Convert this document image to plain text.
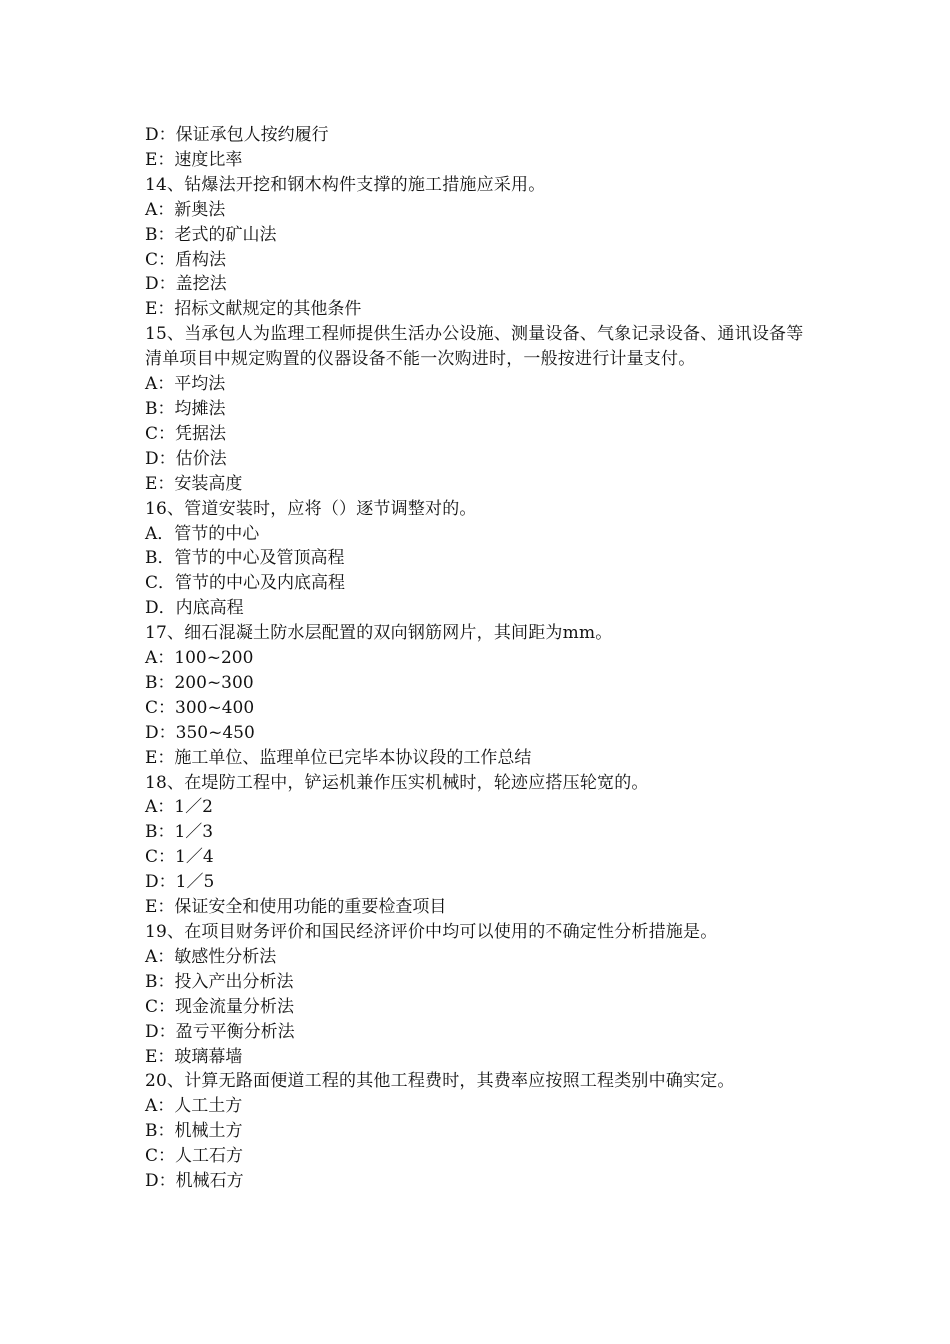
D：保证承包人按约履行

E：速度比率

14、钻爆法开挖和钢木构件支撑的施工措施应采用。

A：新奥法

B：老式的矿山法

C：盾构法

D：盖挖法

E：招标文献规定的其他条件

15、当承包人为监理工程师提供生活办公设施、测量设备、气象记录设备、通讯设备等清单项目中规定购置的仪器设备不能一次购进时，一般按进行计量支付。

A：平均法

B：均摊法

C：凭据法

D：估价法

E：安装高度

16、管道安装时，应将（）逐节调整对的。

A．管节的中心

B．管节的中心及管顶高程

C．管节的中心及内底高程

D．内底高程

17、细石混凝土防水层配置的双向钢筋网片，其间距为mm。

A：100~200

B：200~300

C：300~400

D：350~450

E：施工单位、监理单位已完毕本协议段的工作总结

18、在堤防工程中，铲运机兼作压实机械时，轮迹应搭压轮宽的。

A：1／2

B：1／3

C：1／4

D：1／5

E：保证安全和使用功能的重要检查项目

19、在项目财务评价和国民经济评价中均可以使用的不确定性分析措施是。

A：敏感性分析法

B：投入产出分析法

C：现金流量分析法

D：盈亏平衡分析法

E：玻璃幕墙

20、计算无路面便道工程的其他工程费时，其费率应按照工程类别中确实定。

A：人工土方

B：机械土方

C：人工石方

D：机械石方
